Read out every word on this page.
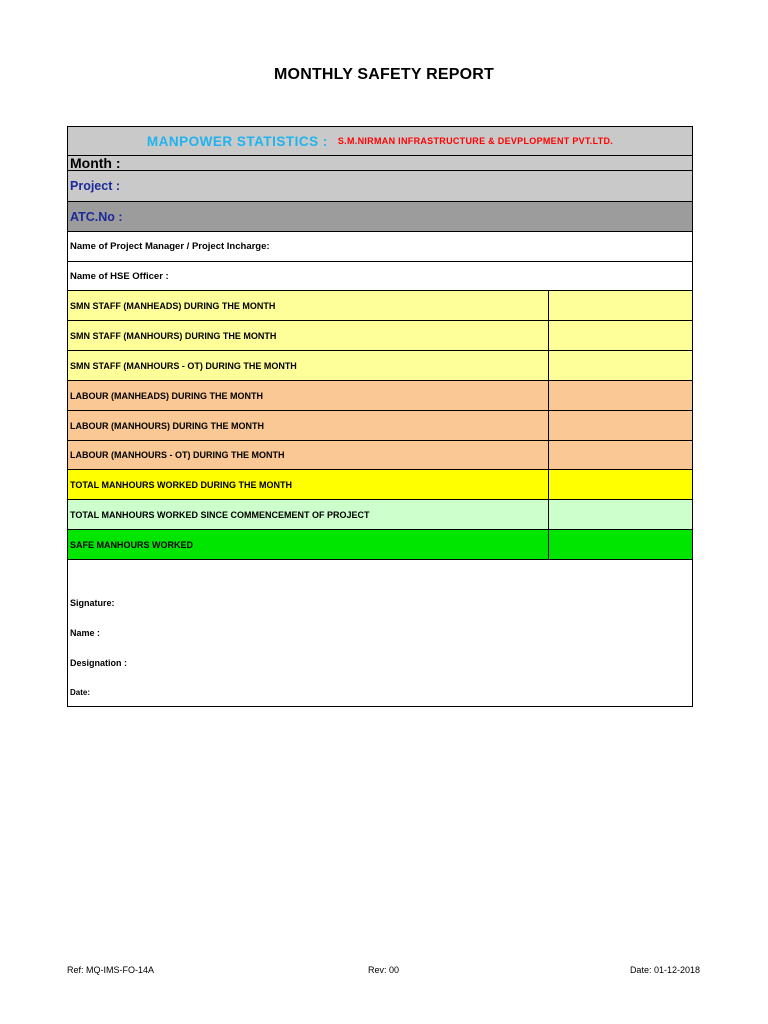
MONTHLY SAFETY REPORT
MANPOWER STATISTICS : S.M.NIRMAN INFRASTRUCTURE & DEVPLOPMENT PVT.LTD.
Month :
Project :
ATC.No :
Name of Project Manager / Project Incharge:
Name of HSE Officer :
SMN STAFF (MANHEADS) DURING THE MONTH
SMN STAFF (MANHOURS) DURING THE MONTH
SMN STAFF (MANHOURS - OT) DURING THE MONTH
LABOUR (MANHEADS) DURING THE MONTH
LABOUR (MANHOURS) DURING THE MONTH
LABOUR (MANHOURS - OT) DURING THE MONTH
TOTAL MANHOURS WORKED DURING THE MONTH
TOTAL MANHOURS WORKED SINCE COMMENCEMENT OF PROJECT
SAFE MANHOURS WORKED
Signature:
Name :
Designation :
Date:
Ref: MQ-IMS-FO-14A	Rev: 00	Date: 01-12-2018
